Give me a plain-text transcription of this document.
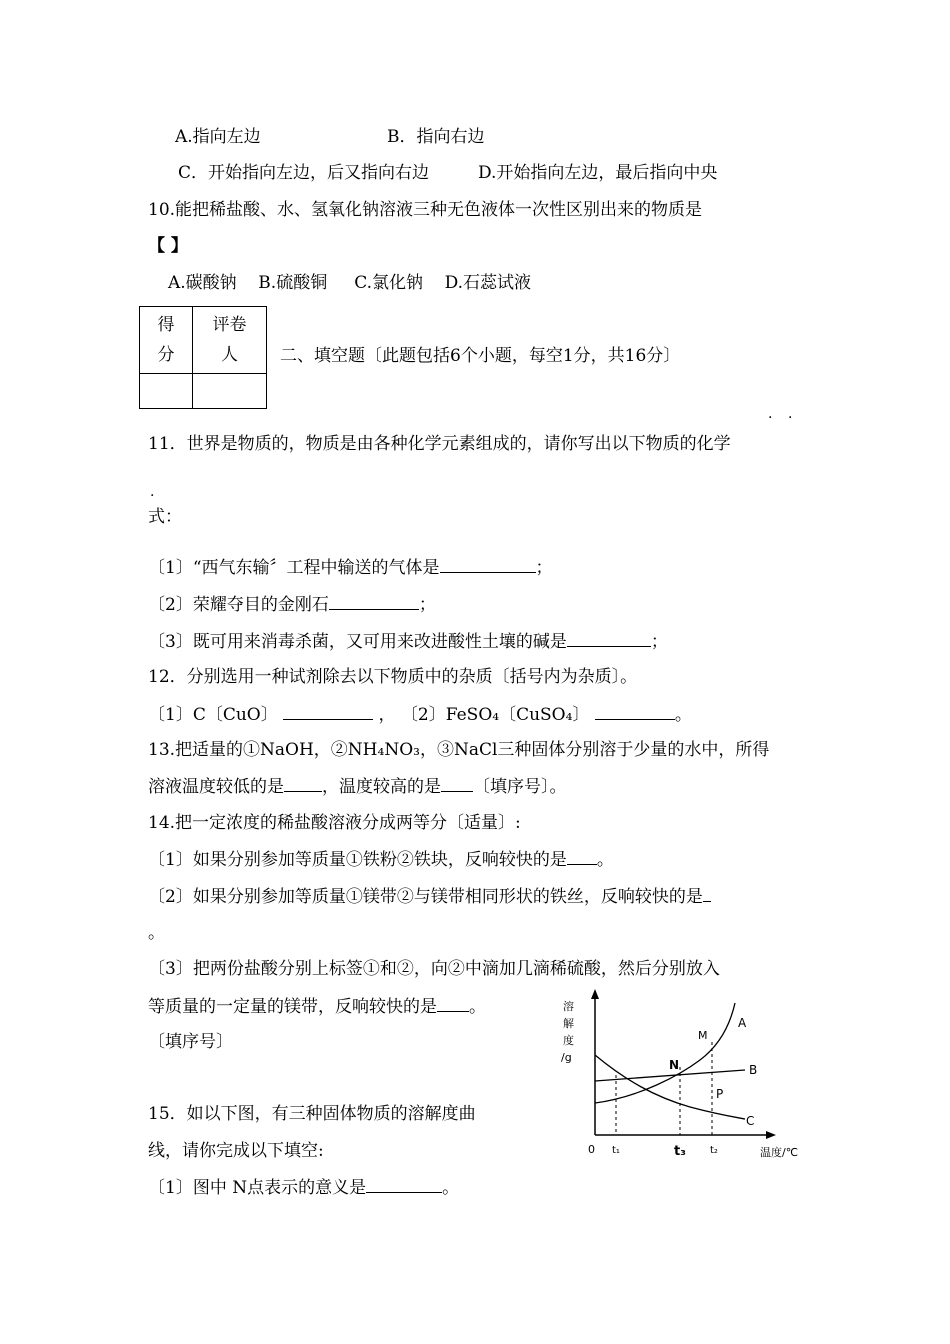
A.指向左边	B．指向右边
C．开始指向左边，后又指向右边	D.开始指向左边，最后指向中央
10.能把稀盐酸、水、氢氧化钠溶液三种无色液体一次性区别出来的物质是
【 】
A.碳酸钠    B.硫酸铜     C.氯化钠    D.石蕊试液
得分	评卷人
	二、填空题〔此题包括6个小题，每空1分，共16分〕
· ·
11．世界是物质的，物质是由各种化学元素组成的，请你写出以下物质的化学
·
式：
〔1〕“西气东输〞工程中输送的气体是	；
〔2〕荣耀夺目的金刚石	；
〔3〕既可用来消毒杀菌，又可用来改进酸性土壤的碱是	；
12．分别选用一种试剂除去以下物质中的杂质〔括号内为杂质〕。
〔1〕C〔CuO〕	， 〔2〕FeSO₄〔CuSO₄〕	。
13.把适量的①NaOH，②NH₄NO₃，③NaCl三种固体分别溶于少量的水中，所得
溶液温度较低的是 ，温度较高的是 〔填序号〕。
14.把一定浓度的稀盐酸溶液分成两等分〔适量〕:
〔1〕如果分别参加等质量①铁粉②铁块，反响较快的是 。
〔2〕如果分别参加等质量①镁带②与镁带相同形状的铁丝，反响较快的是
。
〔3〕把两份盐酸分别上标签①和②，向②中滴加几滴稀硫酸，然后分别放入
等质量的一定量的镁带，反响较快的是 。
〔填序号〕
15．如以下图，有三种固体物质的溶解度曲
线，请你完成以下填空:
〔1〕图中 N点表示的意义是	。
溶
解
度
/g
0	温度/℃
t₁	t₃ t₂
A
B
C
M
N
P
